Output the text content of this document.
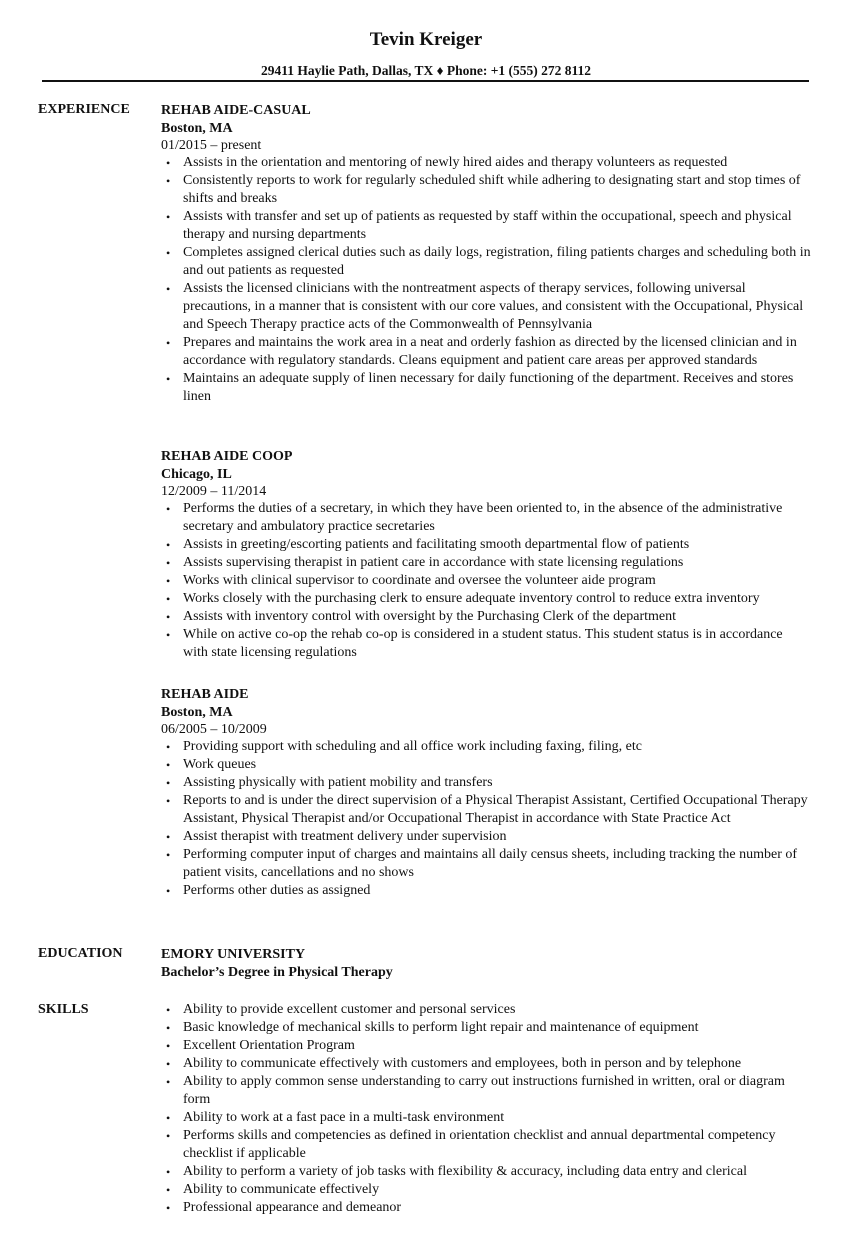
Tevin Kreiger
29411 Haylie Path, Dallas, TX ♦ Phone: +1 (555) 272 8112
EXPERIENCE REHAB AIDE-CASUAL
Boston, MA
01/2015 – present
• Assists in the orientation and mentoring of newly hired aides and therapy volunteers as requested
• Consistently reports to work for regularly scheduled shift while adhering to designating start and stop times of shifts and breaks
• Assists with transfer and set up of patients as requested by staff within the occupational, speech and physical therapy and nursing departments
• Completes assigned clerical duties such as daily logs, registration, filing patients charges and scheduling both in and out patients as requested
• Assists the licensed clinicians with the nontreatment aspects of therapy services, following universal precautions, in a manner that is consistent with our core values, and consistent with the Occupational, Physical and Speech Therapy practice acts of the Commonwealth of Pennsylvania
• Prepares and maintains the work area in a neat and orderly fashion as directed by the licensed clinician and in accordance with regulatory standards. Cleans equipment and patient care areas per approved standards
• Maintains an adequate supply of linen necessary for daily functioning of the department. Receives and stores linen
REHAB AIDE COOP
Chicago, IL
12/2009 – 11/2014
• Performs the duties of a secretary, in which they have been oriented to, in the absence of the administrative secretary and ambulatory practice secretaries
• Assists in greeting/escorting patients and facilitating smooth departmental flow of patients
• Assists supervising therapist in patient care in accordance with state licensing regulations
• Works with clinical supervisor to coordinate and oversee the volunteer aide program
• Works closely with the purchasing clerk to ensure adequate inventory control to reduce extra inventory
• Assists with inventory control with oversight by the Purchasing Clerk of the department
• While on active co-op the rehab co-op is considered in a student status. This student status is in accordance with state licensing regulations
REHAB AIDE
Boston, MA
06/2005 – 10/2009
• Providing support with scheduling and all office work including faxing, filing, etc
• Work queues
• Assisting physically with patient mobility and transfers
• Reports to and is under the direct supervision of a Physical Therapist Assistant, Certified Occupational Therapy Assistant, Physical Therapist and/or Occupational Therapist in accordance with State Practice Act
• Assist therapist with treatment delivery under supervision
• Performing computer input of charges and maintains all daily census sheets, including tracking the number of patient visits, cancellations and no shows
• Performs other duties as assigned
EDUCATION	EMORY UNIVERSITY
Bachelor’s Degree in Physical Therapy
SKILLS	• Ability to provide excellent customer and personal services
• Basic knowledge of mechanical skills to perform light repair and maintenance of equipment
• Excellent Orientation Program
• Ability to communicate effectively with customers and employees, both in person and by telephone
• Ability to apply common sense understanding to carry out instructions furnished in written, oral or diagram form
• Ability to work at a fast pace in a multi-task environment
• Performs skills and competencies as defined in orientation checklist and annual departmental competency checklist if applicable
• Ability to perform a variety of job tasks with flexibility & accuracy, including data entry and clerical
• Ability to communicate effectively
• Professional appearance and demeanor
